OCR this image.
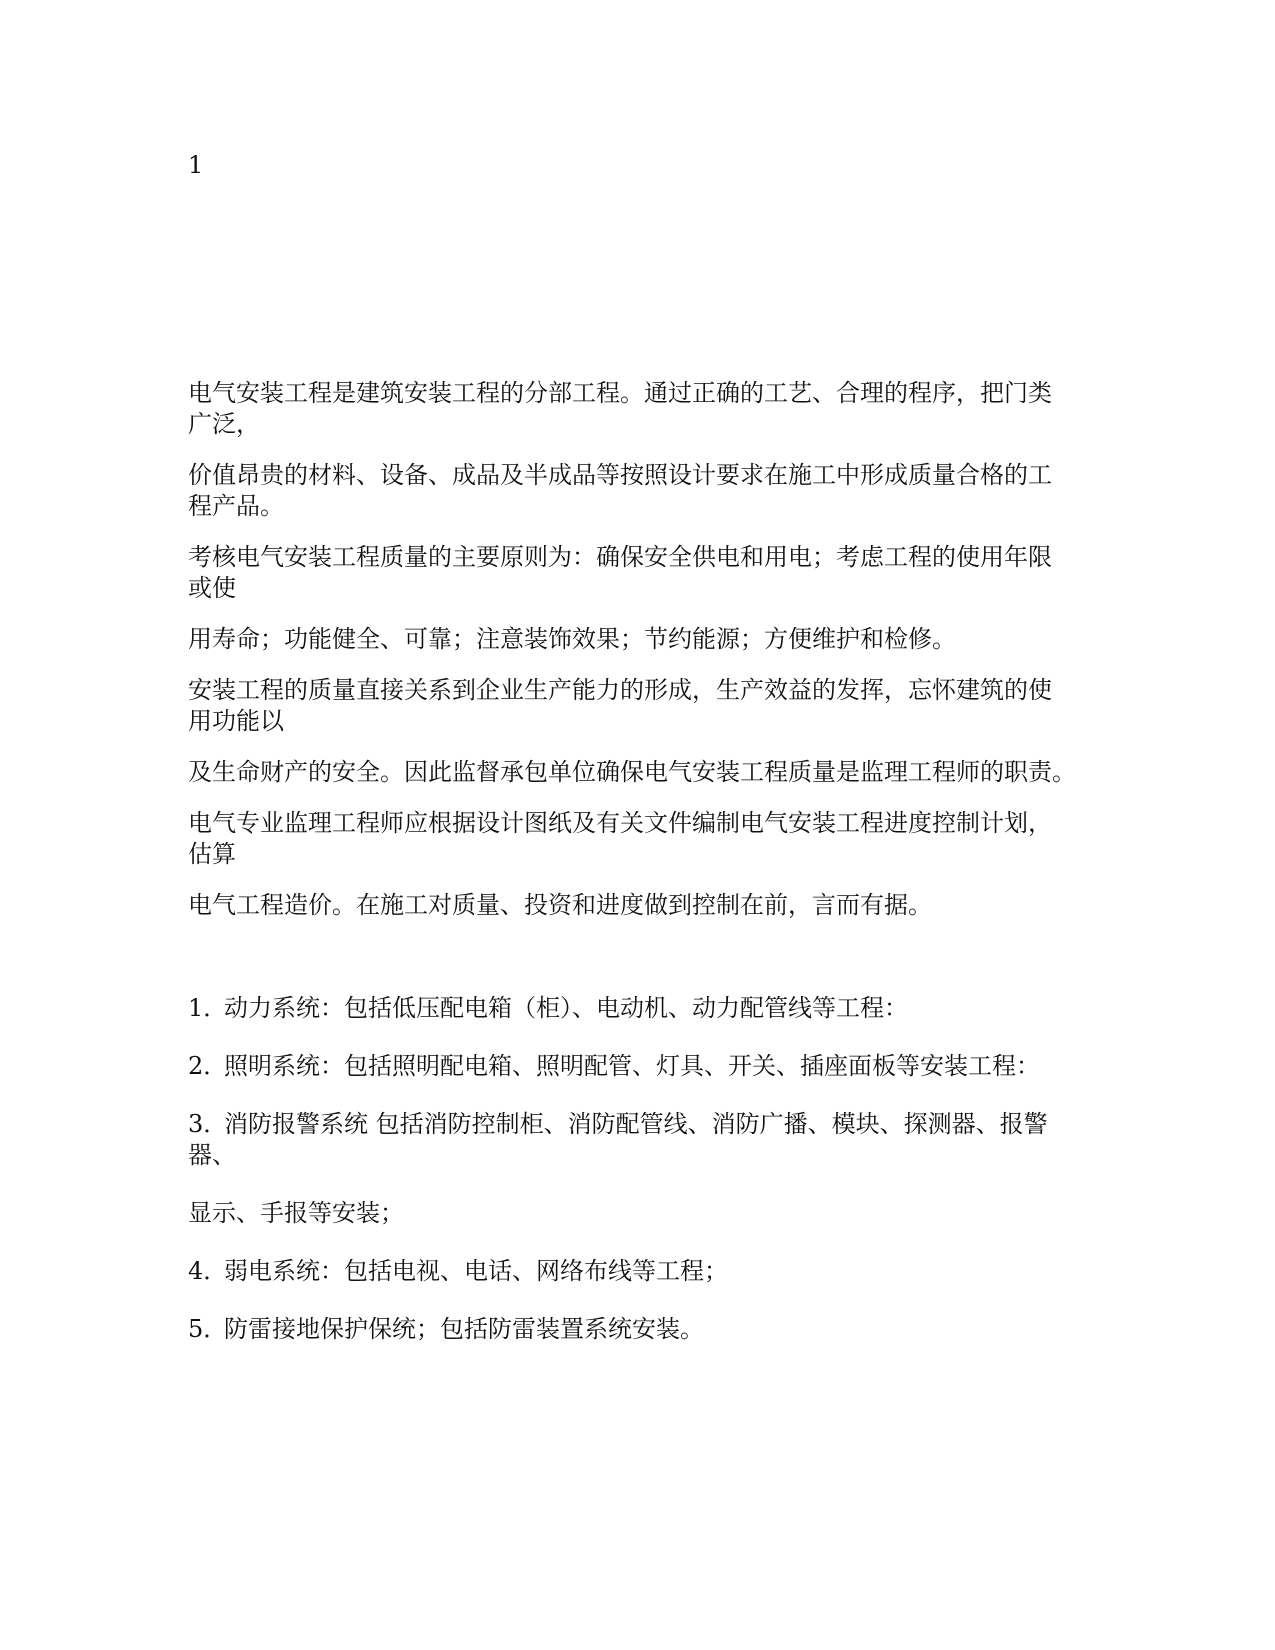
1

电气安装工程是建筑安装工程的分部工程。通过正确的工艺、合理的程序，把门类
广泛，

价值昂贵的材料、设备、成品及半成品等按照设计要求在施工中形成质量合格的工
程产品。

考核电气安装工程质量的主要原则为：确保安全供电和用电；考虑工程的使用年限
或使

用寿命；功能健全、可靠；注意装饰效果；节约能源；方便维护和检修。

安装工程的质量直接关系到企业生产能力的形成，生产效益的发挥，忘怀建筑的使
用功能以

及生命财产的安全。因此监督承包单位确保电气安装工程质量是监理工程师的职责。

电气专业监理工程师应根据设计图纸及有关文件编制电气安装工程进度控制计划，
估算

电气工程造价。在施工对质量、投资和进度做到控制在前，言而有据。

1．动力系统：包括低压配电箱（柜）、电动机、动力配管线等工程：
2．照明系统：包括照明配电箱、照明配管、灯具、开关、插座面板等安装工程：
3．消防报警系统 包括消防控制柜、消防配管线、消防广播、模块、探测器、报警
器、
显示、手报等安装；
4．弱电系统：包括电视、电话、网络布线等工程；
5．防雷接地保护保统；包括防雷装置系统安装。
